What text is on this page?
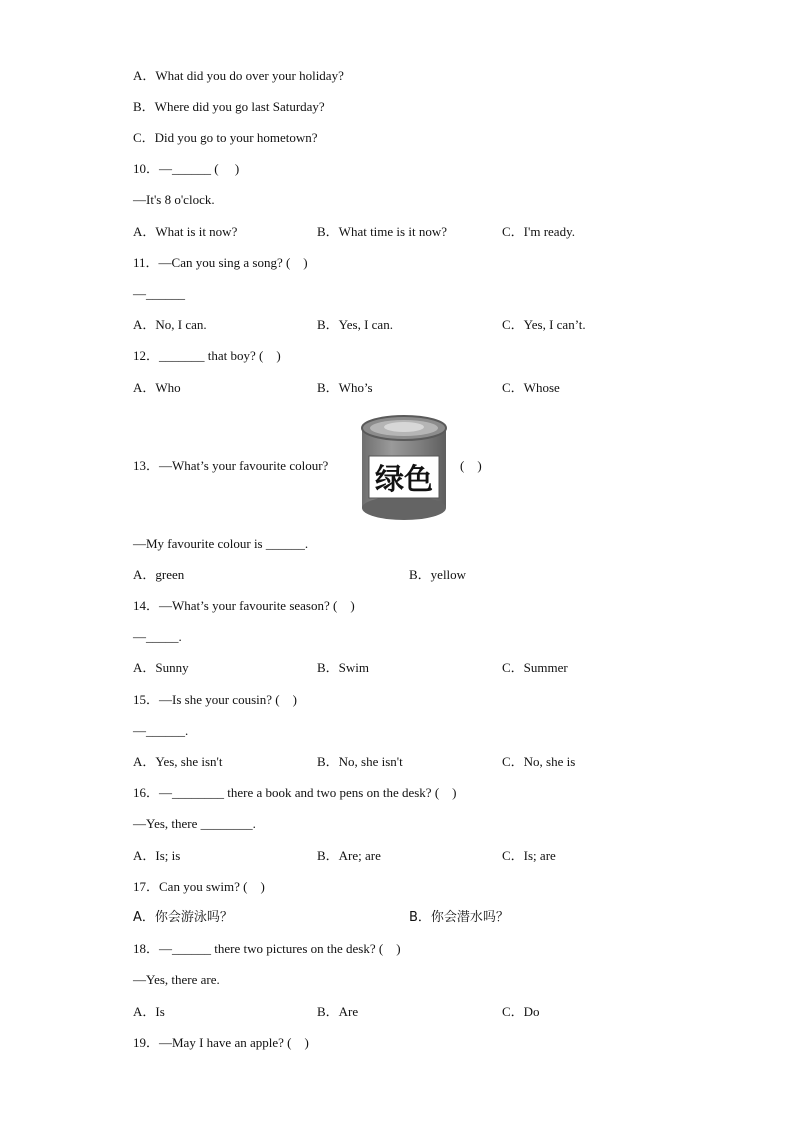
A．What did you do over your holiday?
B．Where did you go last Saturday?
C．Did you go to your hometown?
10．—______ (　 )
—It's 8 o'clock.
A．What is it now?	B．What time is it now?	C．I'm ready.
11．—Can you sing a song? (　)
—______
A．No, I can.	B．Yes, I can.	C．Yes, I can’t.
12．_______ that boy? (　)
A．Who	B．Who’s	C．Whose
13．—What’s your favourite colour? 绿色 (　)
—My favourite colour is ______.
A．green	B．yellow
14．—What’s your favourite season? (　)
—_____.
A．Sunny	B．Swim	C．Summer
15．—Is she your cousin? (　)
—______.
A．Yes, she isn't	B．No, she isn't	C．No, she is
16．—________ there a book and two pens on the desk? (　)
—Yes, there ________.
A．Is; is	B．Are; are	C．Is; are
17．Can you swim? (　)
A．你会游泳吗？	B．你会潜水吗？
18．—______ there two pictures on the desk? (　)
—Yes, there are.
A．Is	B．Are	C．Do
19．—May I have an apple? (　)
